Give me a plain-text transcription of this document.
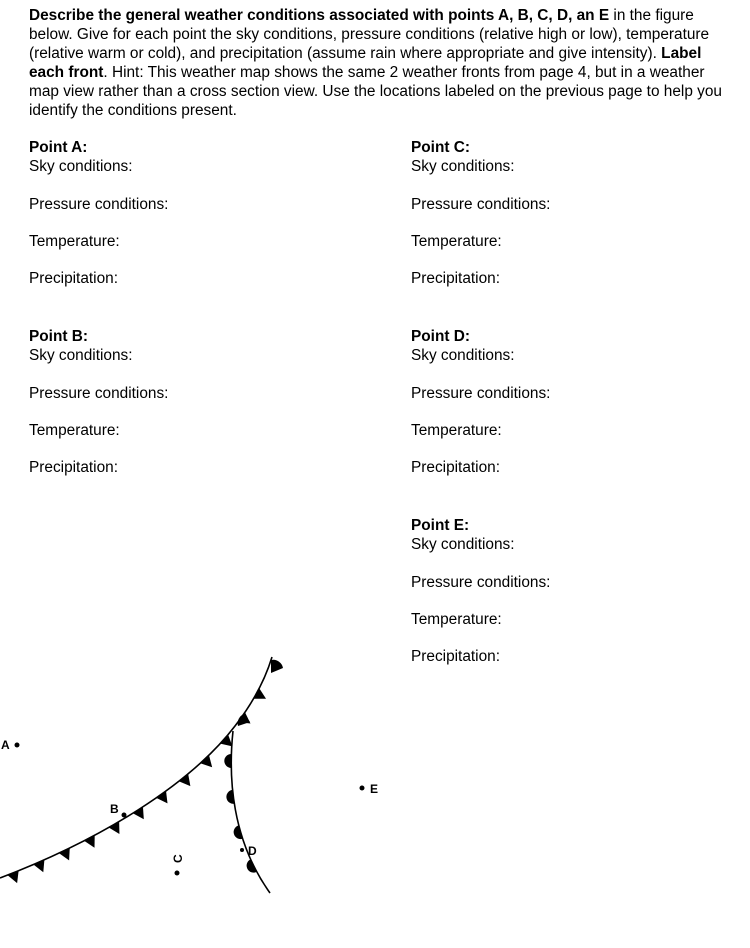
Describe the general weather conditions associated with points A, B, C, D, an E in the figure below. Give for each point the sky conditions, pressure conditions (relative high or low), temperature (relative warm or cold), and precipitation (assume rain where appropriate and give intensity). Label each front. Hint: This weather map shows the same 2 weather fronts from page 4, but in a weather map view rather than a cross section view. Use the locations labeled on the previous page to help you identify the conditions present.

Point A:
Sky conditions:
Pressure conditions:
Temperature:
Precipitation:
Point B:
Sky conditions:
Pressure conditions:
Temperature:
Precipitation:
Point C:
Sky conditions:
Pressure conditions:
Temperature:
Precipitation:
Point D:
Sky conditions:
Pressure conditions:
Temperature:
Precipitation:
Point E:
Sky conditions:
Pressure conditions:
Temperature:
Precipitation:
A
B
C
D
E
